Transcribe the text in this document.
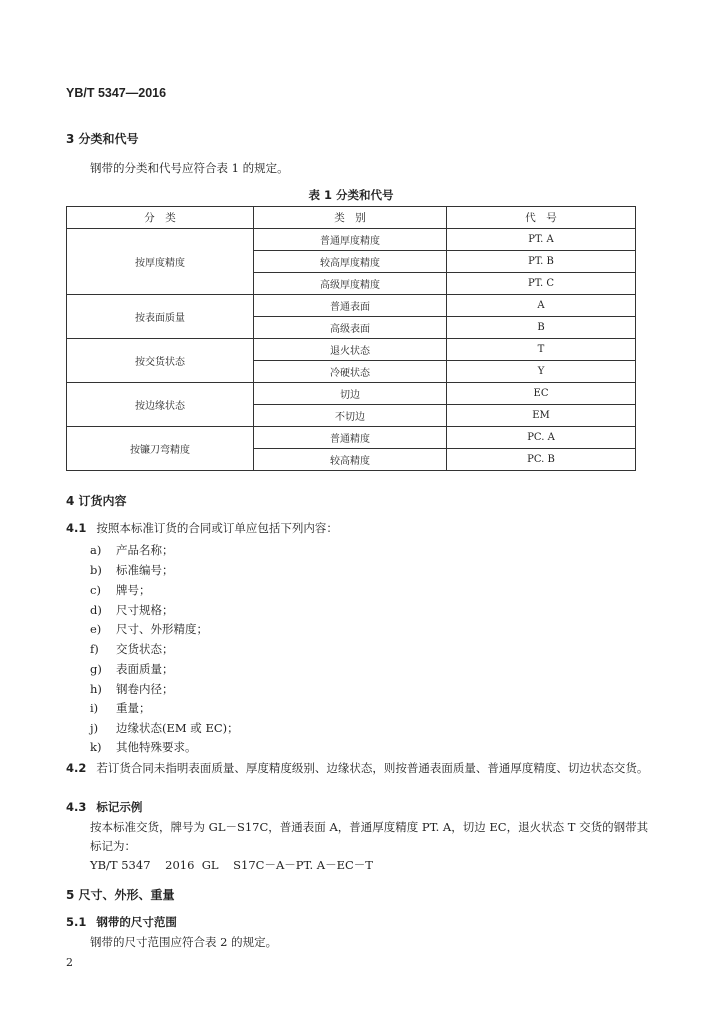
YB/T 5347—2016
3 分类和代号
钢带的分类和代号应符合表 1 的规定。
表 1 分类和代号
分　类	类　别	代　号
按厚度精度	普通厚度精度	PT. A
	较高厚度精度	PT. B
	高级厚度精度	PT. C
按表面质量	普通表面	A
	高级表面	B
按交货状态	退火状态	T
	冷硬状态	Y
按边缘状态	切边	EC
	不切边	EM
按镰刀弯精度	普通精度	PC. A
	较高精度	PC. B
4 订货内容
4.1 按照本标准订货的合同或订单应包括下列内容：
a) 产品名称；
b) 标准编号；
c) 牌号；
d) 尺寸规格；
e) 尺寸、外形精度；
f) 交货状态；
g) 表面质量；
h) 钢卷内径；
i) 重量；
j) 边缘状态(EM 或 EC)；
k) 其他特殊要求。
4.2 若订货合同未指明表面质量、厚度精度级别、边缘状态，则按普通表面质量、普通厚度精度、切边状态交货。
4.3 标记示例
按本标准交货，牌号为 GL－S17C，普通表面 A，普通厚度精度 PT. A，切边 EC，退火状态 T 交货的钢带其标记为：
YB/T 5347    2016  GL    S17C－A－PT. A－EC－T
5 尺寸、外形、重量
5.1 钢带的尺寸范围
钢带的尺寸范围应符合表 2 的规定。
2
